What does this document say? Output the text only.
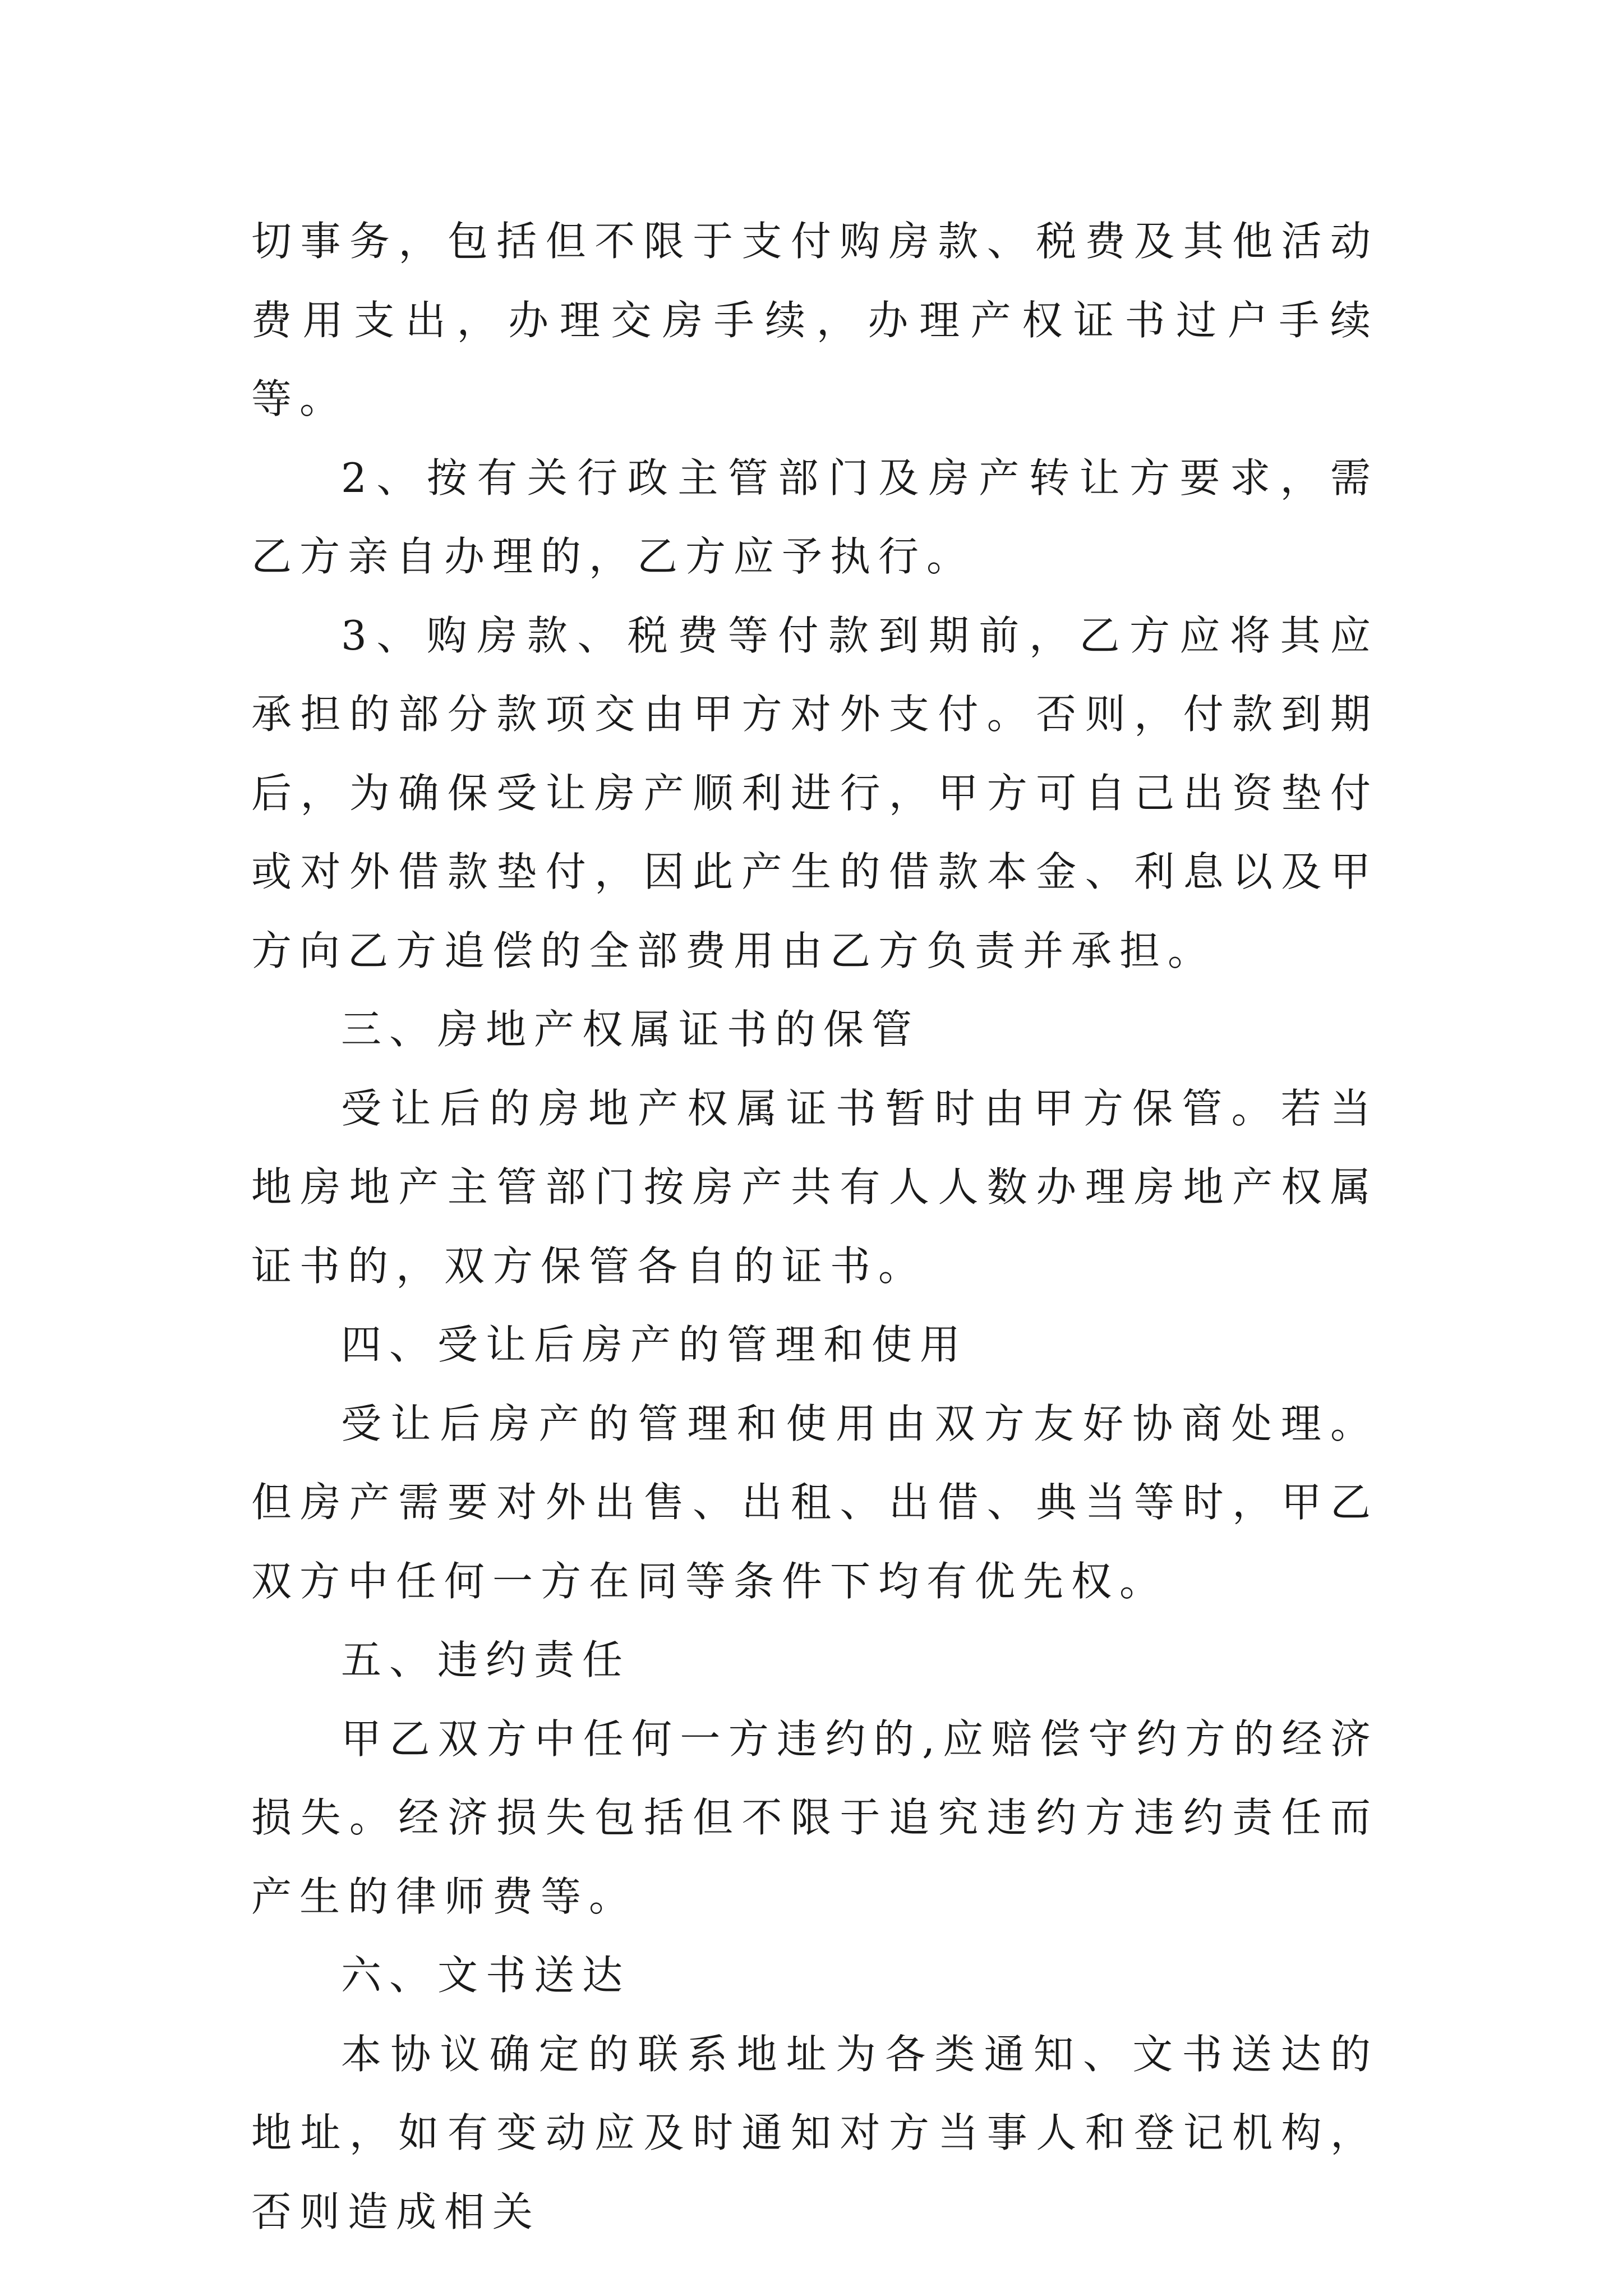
切事务，包括但不限于支付购房款、税费及其他活动费用支出，办理交房手续，办理产权证书过户手续等。

2、按有关行政主管部门及房产转让方要求，需乙方亲自办理的，乙方应予执行。

3、购房款、税费等付款到期前，乙方应将其应承担的部分款项交由甲方对外支付。否则，付款到期后，为确保受让房产顺利进行，甲方可自己出资垫付或对外借款垫付，因此产生的借款本金、利息以及甲方向乙方追偿的全部费用由乙方负责并承担。

三、房地产权属证书的保管

受让后的房地产权属证书暂时由甲方保管。若当地房地产主管部门按房产共有人人数办理房地产权属证书的，双方保管各自的证书。

四、受让后房产的管理和使用

受让后房产的管理和使用由双方友好协商处理。但房产需要对外出售、出租、出借、典当等时，甲乙双方中任何一方在同等条件下均有优先权。

五、违约责任

甲乙双方中任何一方违约的,应赔偿守约方的经济损失。经济损失包括但不限于追究违约方违约责任而产生的律师费等。

六、文书送达

本协议确定的联系地址为各类通知、文书送达的地址，如有变动应及时通知对方当事人和登记机构，否则造成相关
